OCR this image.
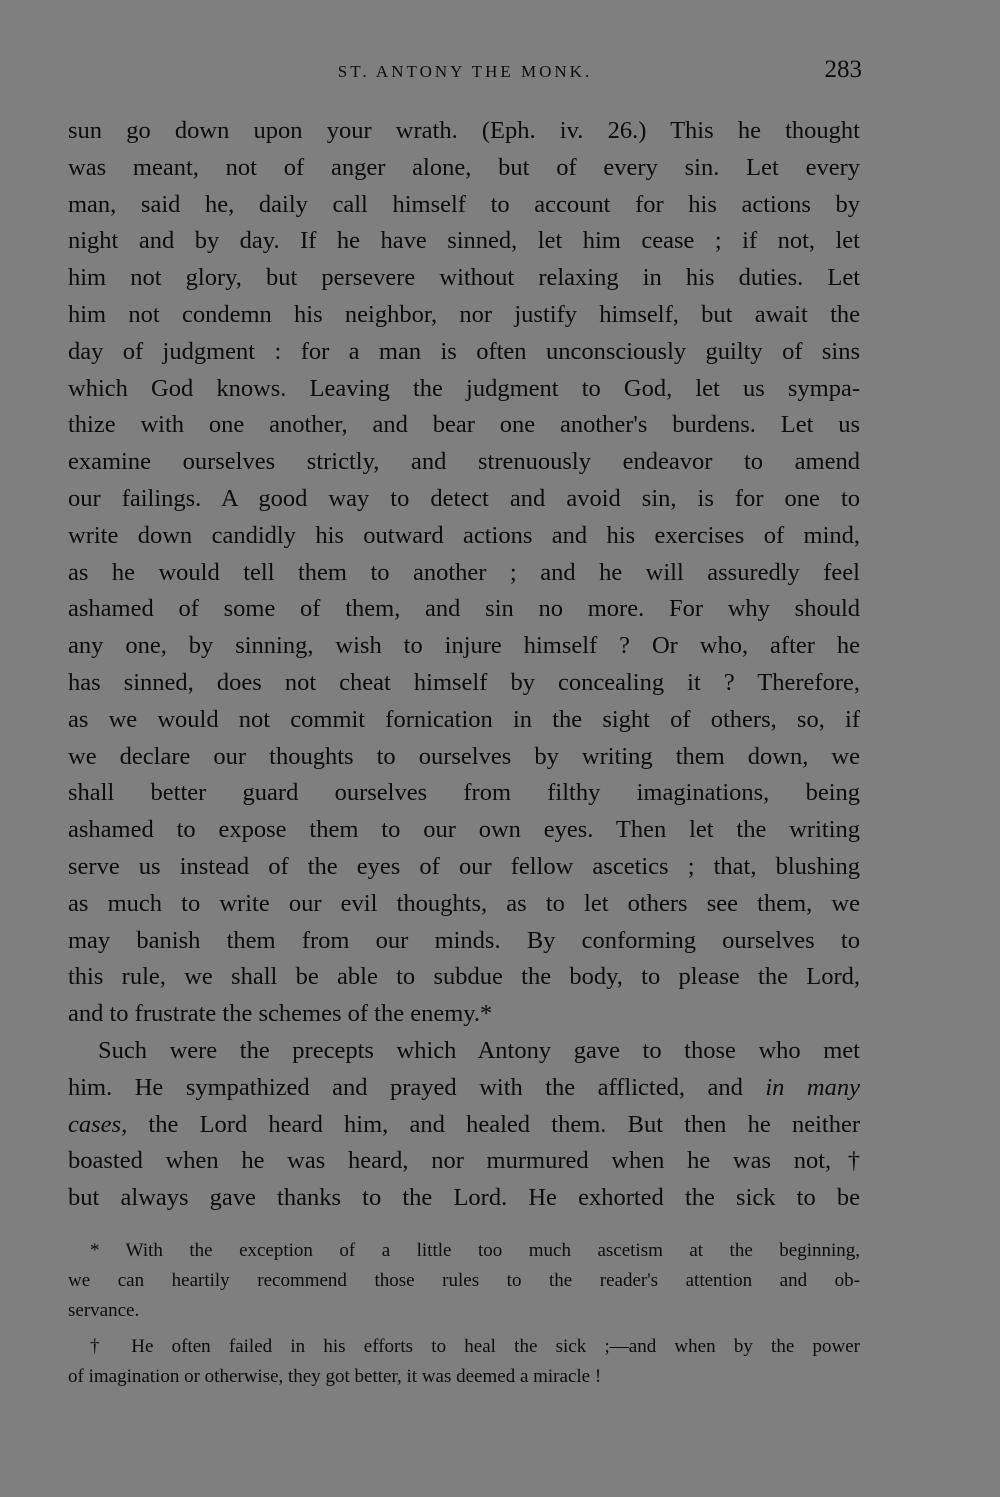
ST. ANTONY THE MONK.	283
sun go down upon your wrath. (Eph. iv. 26.) This he thought
was meant, not of anger alone, but of every sin. Let every
man, said he, daily call himself to account for his actions by
night and by day. If he have sinned, let him cease ; if not, let
him not glory, but persevere without relaxing in his duties. Let
him not condemn his neighbor, nor justify himself, but await the
day of judgment : for a man is often unconsciously guilty of sins
which God knows. Leaving the judgment to God, let us sympa-
thize with one another, and bear one another's burdens. Let us
examine ourselves strictly, and strenuously endeavor to amend
our failings. A good way to detect and avoid sin, is for one to
write down candidly his outward actions and his exercises of mind,
as he would tell them to another ; and he will assuredly feel
ashamed of some of them, and sin no more. For why should
any one, by sinning, wish to injure himself ? Or who, after he
has sinned, does not cheat himself by concealing it ? Therefore,
as we would not commit fornication in the sight of others, so, if
we declare our thoughts to ourselves by writing them down, we
shall better guard ourselves from filthy imaginations, being
ashamed to expose them to our own eyes. Then let the writing
serve us instead of the eyes of our fellow ascetics ; that, blushing
as much to write our evil thoughts, as to let others see them, we
may banish them from our minds. By conforming ourselves to
this rule, we shall be able to subdue the body, to please the Lord,
and to frustrate the schemes of the enemy.*
Such were the precepts which Antony gave to those who met
him. He sympathized and prayed with the afflicted, and in many
cases, the Lord heard him, and healed them. But then he neither
boasted when he was heard, nor murmured when he was not,†
but always gave thanks to the Lord. He exhorted the sick to be
* With the exception of a little too much ascetism at the beginning,
we can heartily recommend those rules to the reader's attention and ob-
servance.
† He often failed in his efforts to heal the sick ;—and when by the power
of imagination or otherwise, they got better, it was deemed a miracle !
